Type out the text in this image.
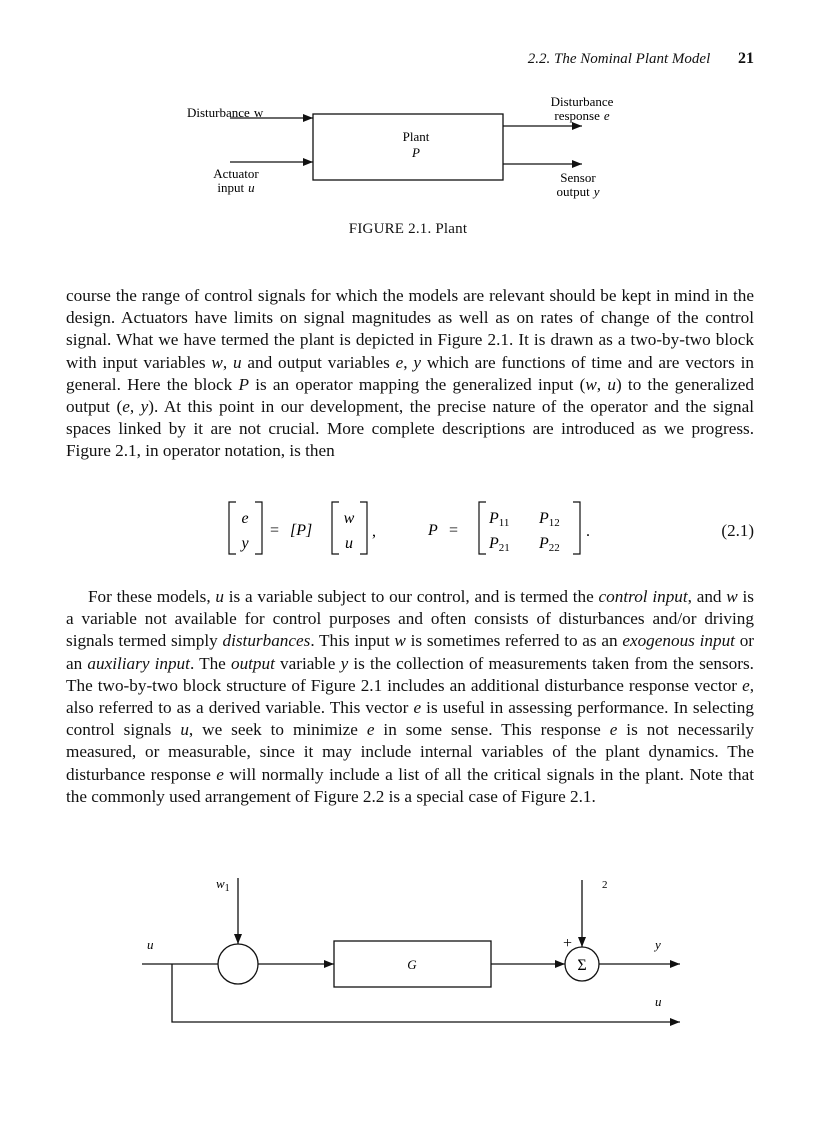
2.2. The Nominal Plant Model 21
Plant
P
Disturbance w
Actuator
input u
Disturbance
response e
Sensor
output y
FIGURE 2.1. Plant

course the range of control signals for which the models are relevant should be kept in mind in the design. Actuators have limits on signal magnitudes as well as on rates of change of the control signal. What we have termed the plant is depicted in Figure 2.1. It is drawn as a two-by-two block with input variables w, u and output variables e, y which are functions of time and are vectors in general. Here the block P is an operator mapping the generalized input (w, u) to the generalized output (e, y). At this point in our development, the precise nature of the operator and the signal spaces linked by it are not crucial. More complete descriptions are introduced as we progress. Figure 2.1, in operator notation, is then

e
y
= [P]
w
u
,	P =
P11 P12
P21 P22
.	(2.1)

For these models, u is a variable subject to our control, and is termed the control input, and w is a variable not available for control purposes and often consists of disturbances and/or driving signals termed simply disturbances. This input w is sometimes referred to as an exogenous input or an auxiliary input. The output variable y is the collection of measurements taken from the sensors. The two-by-two block structure of Figure 2.1 includes an additional disturbance response vector e, also referred to as a derived variable. This vector e is useful in assessing performance. In selecting control signals u, we seek to minimize e in some sense. This response e is not necessarily measured, or measurable, since it may include internal variables of the plant dynamics. The disturbance response e will normally include a list of all the critical signals in the plant. Note that the commonly used arrangement of Figure 2.2 is a special case of Figure 2.1.

$w_1$	2
u
G
+
Σ
y
u
